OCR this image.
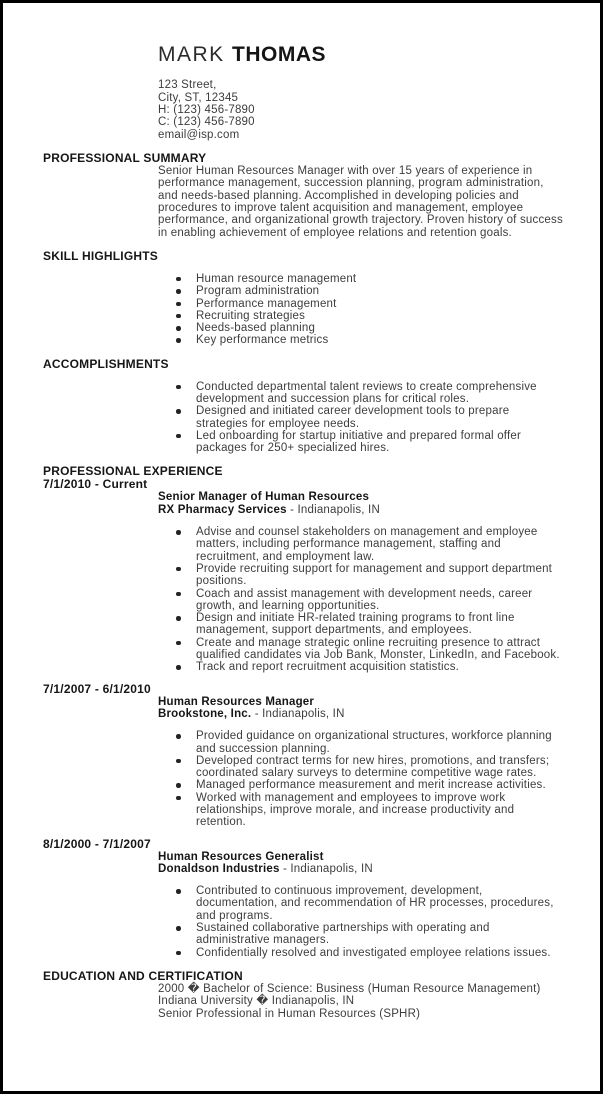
MARK THOMAS
123 Street,
City, ST, 12345
H: (123) 456-7890
C: (123) 456-7890
email@isp.com
PROFESSIONAL SUMMARY
Senior Human Resources Manager with over 15 years of experience in performance management, succession planning, program administration, and needs-based planning. Accomplished in developing policies and procedures to improve talent acquisition and management, employee performance, and organizational growth trajectory. Proven history of success in enabling achievement of employee relations and retention goals.
SKILL HIGHLIGHTS
Human resource management
Program administration
Performance management
Recruiting strategies
Needs-based planning
Key performance metrics
ACCOMPLISHMENTS
Conducted departmental talent reviews to create comprehensive development and succession plans for critical roles.
Designed and initiated career development tools to prepare strategies for employee needs.
Led onboarding for startup initiative and prepared formal offer packages for 250+ specialized hires.
PROFESSIONAL EXPERIENCE
7/1/2010 - Current
Senior Manager of Human Resources
RX Pharmacy Services - Indianapolis, IN
Advise and counsel stakeholders on management and employee matters, including performance management, staffing and recruitment, and employment law.
Provide recruiting support for management and support department positions.
Coach and assist management with development needs, career growth, and learning opportunities.
Design and initiate HR-related training programs to front line management, support departments, and employees.
Create and manage strategic online recruiting presence to attract qualified candidates via Job Bank, Monster, LinkedIn, and Facebook.
Track and report recruitment acquisition statistics.
7/1/2007 - 6/1/2010
Human Resources Manager
Brookstone, Inc. - Indianapolis, IN
Provided guidance on organizational structures, workforce planning and succession planning.
Developed contract terms for new hires, promotions, and transfers; coordinated salary surveys to determine competitive wage rates.
Managed performance measurement and merit increase activities.
Worked with management and employees to improve work relationships, improve morale, and increase productivity and retention.
8/1/2000 - 7/1/2007
Human Resources Generalist
Donaldson Industries - Indianapolis, IN
Contributed to continuous improvement, development, documentation, and recommendation of HR processes, procedures, and programs.
Sustained collaborative partnerships with operating and administrative managers.
Confidentially resolved and investigated employee relations issues.
EDUCATION AND CERTIFICATION
2000 � Bachelor of Science: Business (Human Resource Management)
Indiana University � Indianapolis, IN
Senior Professional in Human Resources (SPHR)
